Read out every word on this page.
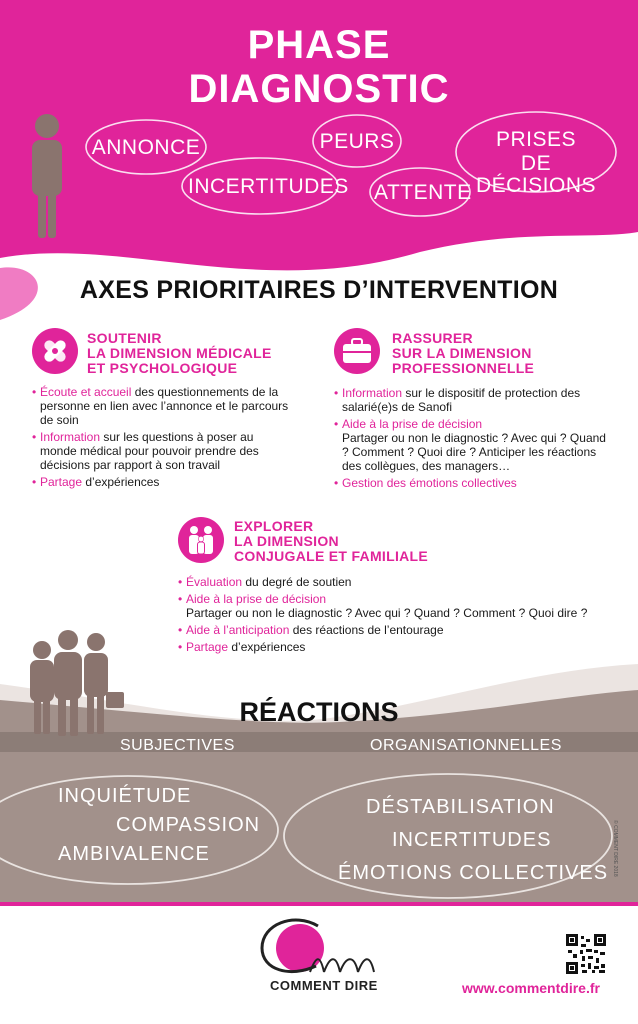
PHASE
DIAGNOSTIC
ANNONCE
INCERTITUDES
PEURS
ATTENTE
PRISES
DE DÉCISIONS
AXES PRIORITAIRES D’INTERVENTION
SOUTENIR
LA DIMENSION MÉDICALE
ET PSYCHOLOGIQUE
• Écoute et accueil des questionnements de la personne en lien avec l’annonce et le parcours de soin
• Information sur les questions à poser au monde médical pour pouvoir prendre des décisions par rapport à son travail
• Partage d’expériences
RASSURER
SUR LA DIMENSION
PROFESSIONNELLE
• Information sur le dispositif de protection des salarié(e)s de Sanofi
• Aide à la prise de décision
Partager ou non le diagnostic ? Avec qui ? Quand ? Comment ? Quoi dire ? Anticiper les réactions des collègues, des managers…
• Gestion des émotions collectives
EXPLORER
LA DIMENSION
CONJUGALE ET FAMILIALE
• Évaluation du degré de soutien
• Aide à la prise de décision
Partager ou non le diagnostic ? Avec qui ? Quand ? Comment ? Quoi dire ?
• Aide à l’anticipation des réactions de l’entourage
• Partage d’expériences
RÉACTIONS
SUBJECTIVES	ORGANISATIONNELLES
INQUIÉTUDE
COMPASSION
AMBIVALENCE
DÉSTABILISATION
INCERTITUDES
ÉMOTIONS COLLECTIVES © COMMENT DIRE 2018
COMMENT DIRE	www.commentdire.fr
